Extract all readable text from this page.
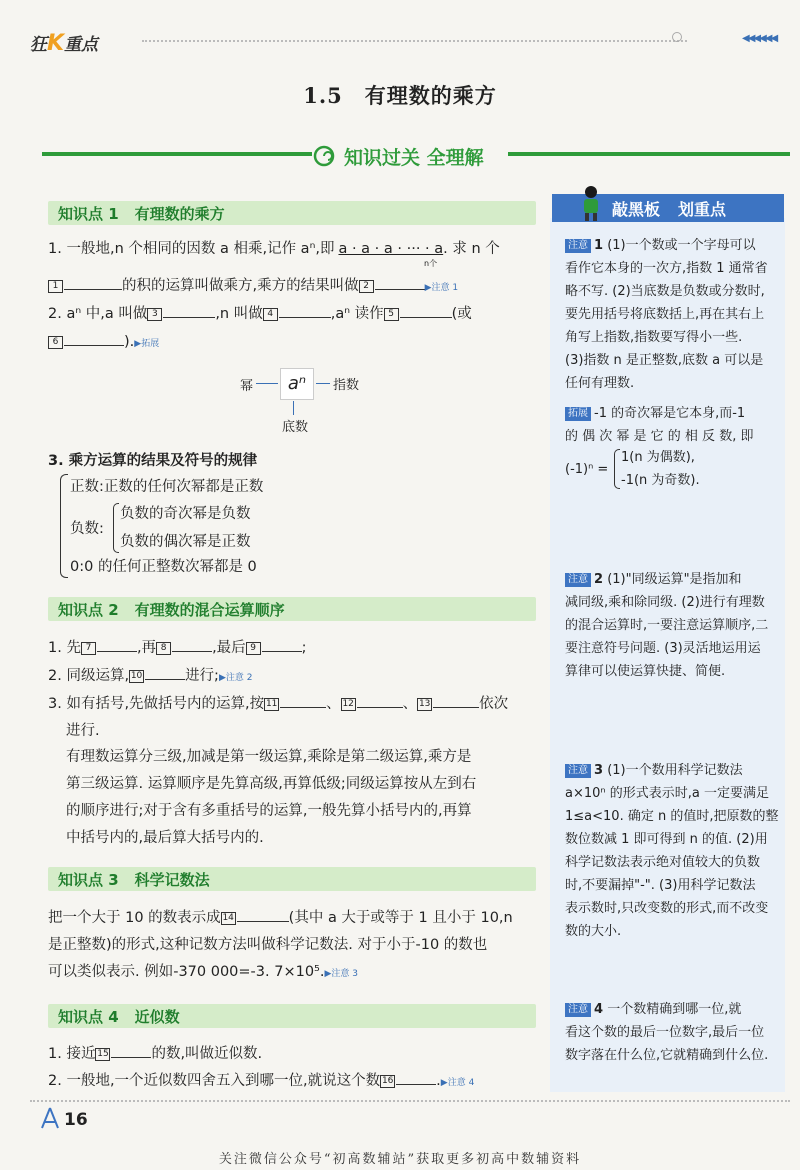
狂K重点	◀◀◀◀◀◀
1.5　有理数的乘方
知识过关 全理解
知识点 1 有理数的乘方
1. 一般地,n 个相同的因数 a 相乘,记作 aⁿ,即 a · a · a · ··· · a. 求 n 个
n个
1	的积的运算叫做乘方,乘方的结果叫做 2	▶注意 1
2. aⁿ 中,a 叫做 3	,n 叫做 4	,aⁿ 读作 5	(或
6	).▶拓展
aⁿ
幂	指数
底数
3. 乘方运算的结果及符号的规律
正数:正数的任何次幂都是正数
负数:
负数的奇次幂是负数
负数的偶次幂是正数
0:0 的任何正整数次幂都是 0
知识点 2 有理数的混合运算顺序
1. 先 7	,再 8	,最后 9	;
2. 同级运算, 10	进行;▶注意 2
3. 如有括号,先做括号内的运算,按 11	、 12	、 13	依次
进行.
有理数运算分三级,加减是第一级运算,乘除是第二级运算,乘方是
第三级运算. 运算顺序是先算高级,再算低级;同级运算按从左到右
的顺序进行;对于含有多重括号的运算,一般先算小括号内的,再算
中括号内的,最后算大括号内的.
知识点 3 科学记数法
把一个大于 10 的数表示成 14	(其中 a 大于或等于 1 且小于 10,n
是正整数)的形式,这种记数方法叫做科学记数法. 对于小于-10 的数也
可以类似表示. 例如-370 000=-3. 7×10⁵.▶注意 3
知识点 4 近似数
1. 接近 15	的数,叫做近似数.
2. 一般地,一个近似数四舍五入到哪一位,就说这个数 16	.▶注意 4
敲黑板 划重点
注意 1 (1)一个数或一个字母可以
看作它本身的一次方,指数 1 通常省
略不写. (2)当底数是负数或分数时,
要先用括号将底数括上,再在其右上
角写上指数,指数要写得小一些.
(3)指数 n 是正整数,底数 a 可以是
任何有理数.
拓展 -1 的奇次幂是它本身,而-1
的 偶 次 幂 是 它 的 相 反 数, 即
(-1)ⁿ =
1(n 为偶数),
-1(n 为奇数).
注意 2 (1)"同级运算"是指加和
减同级,乘和除同级. (2)进行有理数
的混合运算时,一要注意运算顺序,二
要注意符号问题. (3)灵活地运用运
算律可以使运算快捷、简便.
注意 3 (1)一个数用科学记数法
a×10ⁿ 的形式表示时,a 一定要满足
1≤a<10. 确定 n 的值时,把原数的整
数位数减 1 即可得到 n 的值. (2)用
科学记数法表示绝对值较大的负数
时,不要漏掉"-". (3)用科学记数法
表示数时,只改变数的形式,而不改变
数的大小.
注意 4 一个数精确到哪一位,就
看这个数的最后一位数字,最后一位
数字落在什么位,它就精确到什么位.
16
关注微信公众号“初高数辅站”获取更多初高中数辅资料
